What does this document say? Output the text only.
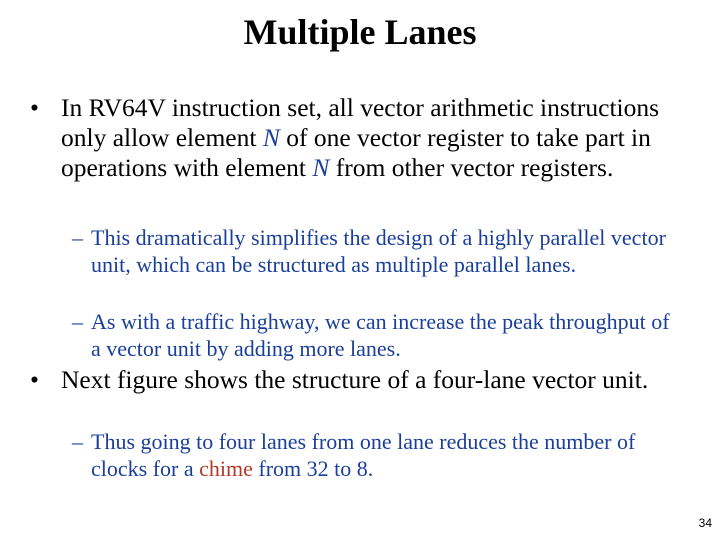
Multiple Lanes
• In RV64V instruction set, all vector arithmetic instructions only allow element N of one vector register to take part in operations with element N from other vector registers.
– This dramatically simplifies the design of a highly parallel vector unit, which can be structured as multiple parallel lanes.
– As with a traffic highway, we can increase the peak throughput of a vector unit by adding more lanes.
• Next figure shows the structure of a four-lane vector unit.
– Thus going to four lanes from one lane reduces the number of clocks for a chime from 32 to 8.
34
